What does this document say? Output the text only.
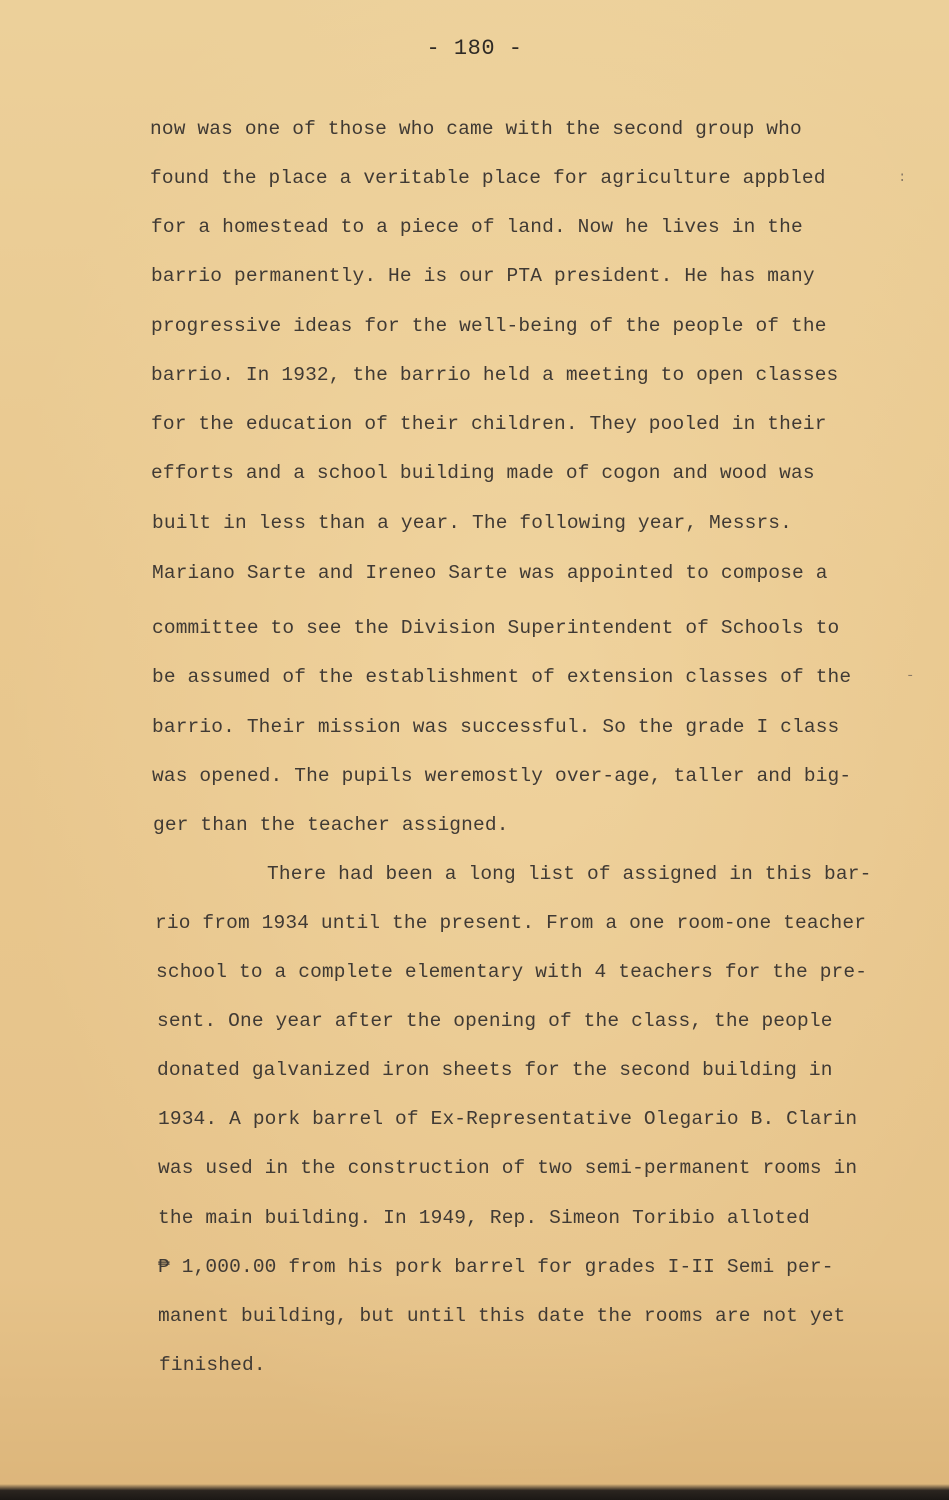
- 180 -
now was one of those who came with the second group who
found the place a veritable place for agriculture appbled
for a homestead to a piece of land. Now he lives in the
barrio permanently. He is our PTA president. He has many
progressive ideas for the well-being of the people of the
barrio. In 1932, the barrio held a meeting to open classes
for the education of their children. They pooled in their
efforts and a school building made of cogon and wood was
built in less than a year. The following year, Messrs.
Mariano Sarte and Ireneo Sarte was appointed to compose a
committee to see the Division Superintendent of Schools to
be assumed of the establishment of extension classes of the
barrio. Their mission was successful. So the grade I class
was opened. The pupils weremostly over-age, taller and big-
ger than the teacher assigned.
There had been a long list of assigned in this bar-
rio from 1934 until the present. From a one room-one teacher
school to a complete elementary with 4 teachers for the pre-
sent. One year after the opening of the class, the people
donated galvanized iron sheets for the second building in
1934. A pork barrel of Ex-Representative Olegario B. Clarin
was used in the construction of two semi-permanent rooms in
the main building. In 1949, Rep. Simeon Toribio alloted
₱ 1,000.00 from his pork barrel for grades I-II Semi per-
manent building, but until this date the rooms are not yet
finished.
:
-
